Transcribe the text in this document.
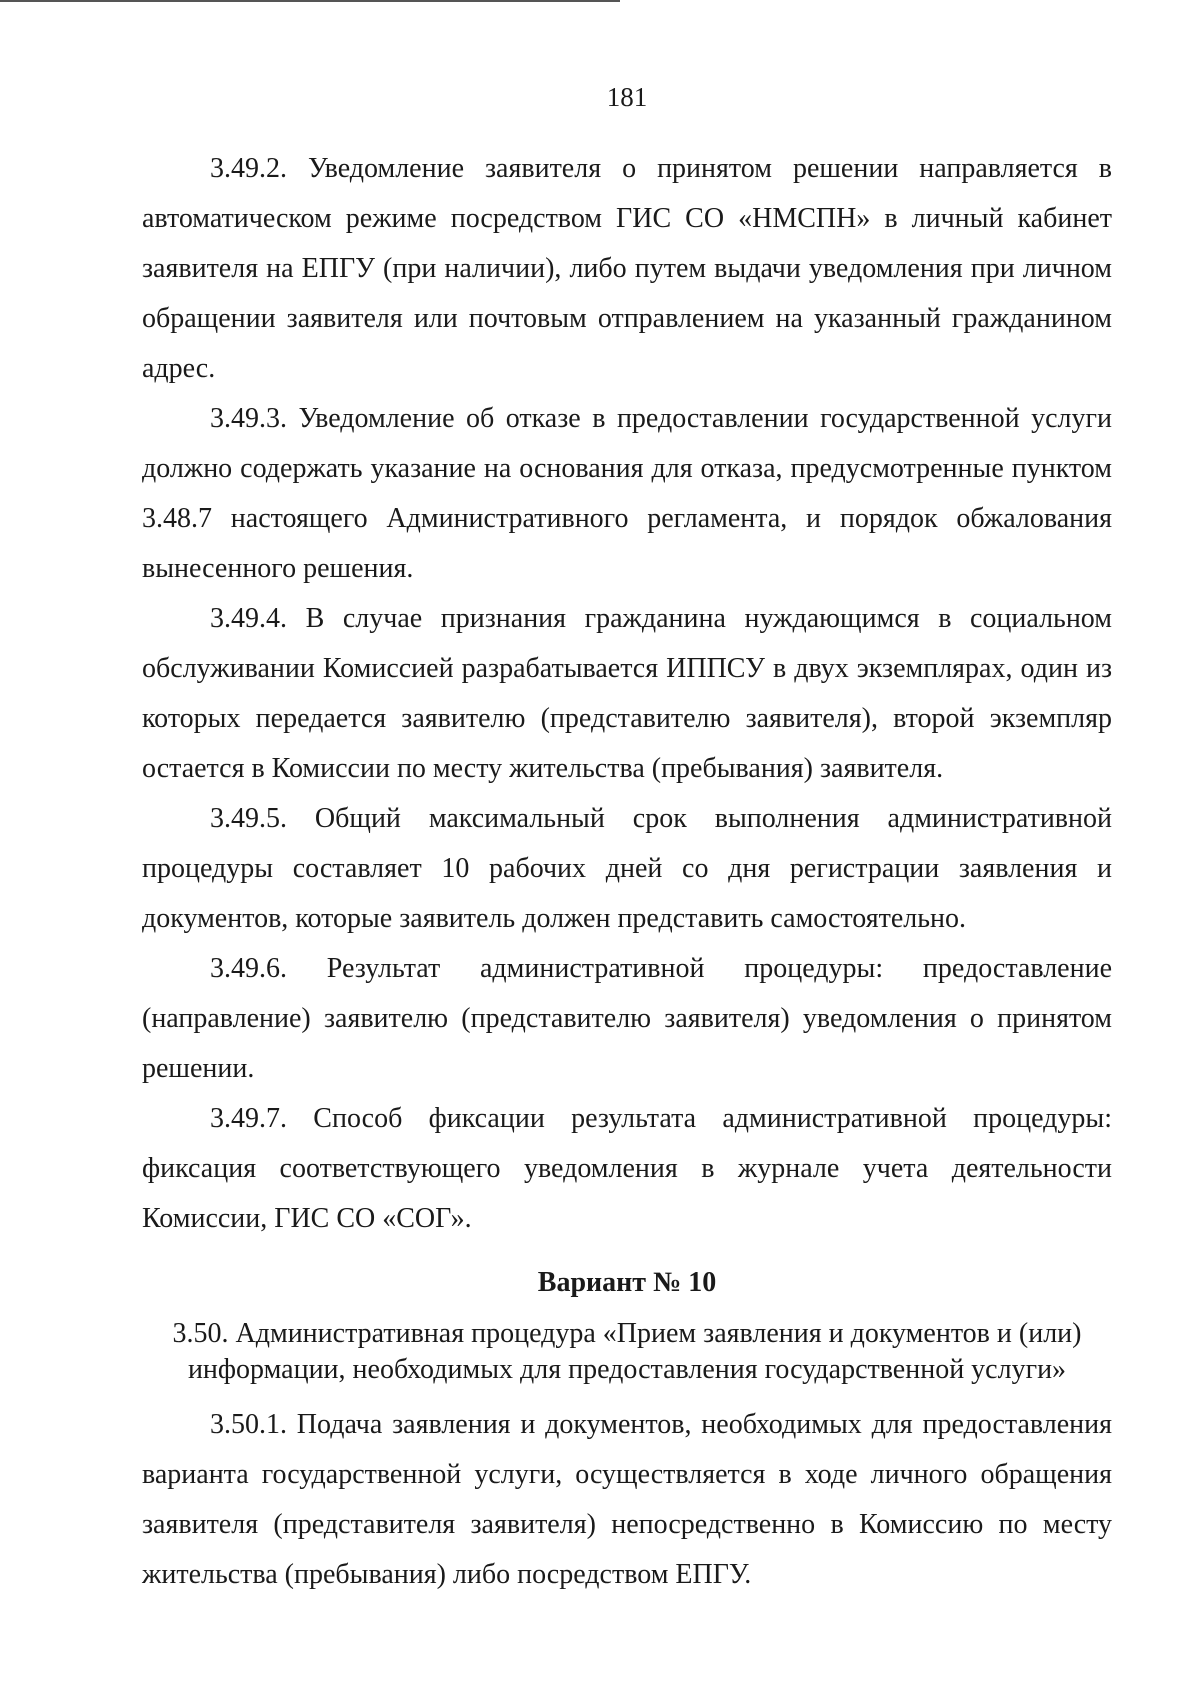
181

3.49.2. Уведомление заявителя о принятом решении направляется в автоматическом режиме посредством ГИС СО «НМСПН» в личный кабинет заявителя на ЕПГУ (при наличии), либо путем выдачи уведомления при личном обращении заявителя или почтовым отправлением на указанный гражданином адрес.

3.49.3. Уведомление об отказе в предоставлении государственной услуги должно содержать указание на основания для отказа, предусмотренные пунктом 3.48.7 настоящего Административного регламента, и порядок обжалования вынесенного решения.

3.49.4. В случае признания гражданина нуждающимся в социальном обслуживании Комиссией разрабатывается ИППСУ в двух экземплярах, один из которых передается заявителю (представителю заявителя), второй экземпляр остается в Комиссии по месту жительства (пребывания) заявителя.

3.49.5. Общий максимальный срок выполнения административной процедуры составляет 10 рабочих дней со дня регистрации заявления и документов, которые заявитель должен представить самостоятельно.

3.49.6. Результат административной процедуры: предоставление (направление) заявителю (представителю заявителя) уведомления о принятом решении.

3.49.7. Способ фиксации результата административной процедуры: фиксация соответствующего уведомления в журнале учета деятельности Комиссии, ГИС СО «СОГ».

Вариант № 10
3.50. Административная процедура «Прием заявления и документов и (или)
информации, необходимых для предоставления государственной услуги»

3.50.1. Подача заявления и документов, необходимых для предоставления варианта государственной услуги, осуществляется в ходе личного обращения заявителя (представителя заявителя) непосредственно в Комиссию по месту жительства (пребывания) либо посредством ЕПГУ.
